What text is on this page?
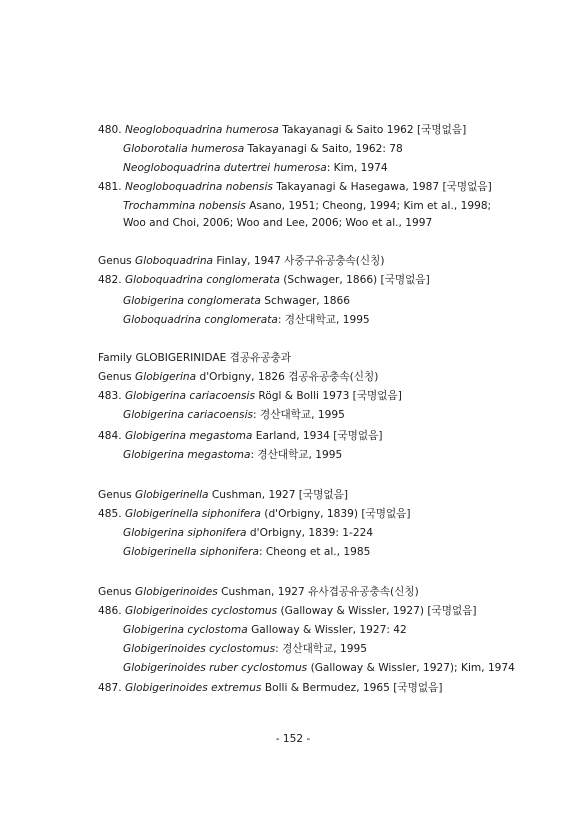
- 152 -
480. Neogloboquadrina humerosa Takayanagi & Saito 1962 [국명없음]
Globorotalia humerosa Takayanagi & Saito, 1962: 78
Neogloboquadrina dutertrei humerosa: Kim, 1974
481. Neogloboquadrina nobensis Takayanagi & Hasegawa, 1987 [국명없음]
Trochammina nobensis Asano, 1951; Cheong, 1994; Kim et al., 1998;
Woo and Choi, 2006; Woo and Lee, 2006; Woo et al., 1997
Genus Globoquadrina Finlay, 1947 사중구유공충속(신칭)
482. Globoquadrina conglomerata (Schwager, 1866) [국명없음]
Globigerina conglomerata Schwager, 1866
Globoquadrina conglomerata: 경산대학교, 1995
Family GLOBIGERINIDAE 겹공유공충과
Genus Globigerina d'Orbigny, 1826 겹공유공충속(신칭)
483. Globigerina cariacoensis Rögl & Bolli 1973 [국명없음]
Globigerina cariacoensis: 경산대학교, 1995
484. Globigerina megastoma Earland, 1934 [국명없음]
Globigerina megastoma: 경산대학교, 1995
Genus Globigerinella Cushman, 1927 [국명없음]
485. Globigerinella siphonifera (d'Orbigny, 1839) [국명없음]
Globigerina siphonifera d'Orbigny, 1839: 1-224
Globigerinella siphonifera: Cheong et al., 1985
Genus Globigerinoides Cushman, 1927 유사겹공유공충속(신칭)
486. Globigerinoides cyclostomus (Galloway & Wissler, 1927) [국명없음]
Globigerina cyclostoma Galloway & Wissler, 1927: 42
Globigerinoides cyclostomus: 경산대학교, 1995
Globigerinoides ruber cyclostomus (Galloway & Wissler, 1927); Kim, 1974
487. Globigerinoides extremus Bolli & Bermudez, 1965 [국명없음]
